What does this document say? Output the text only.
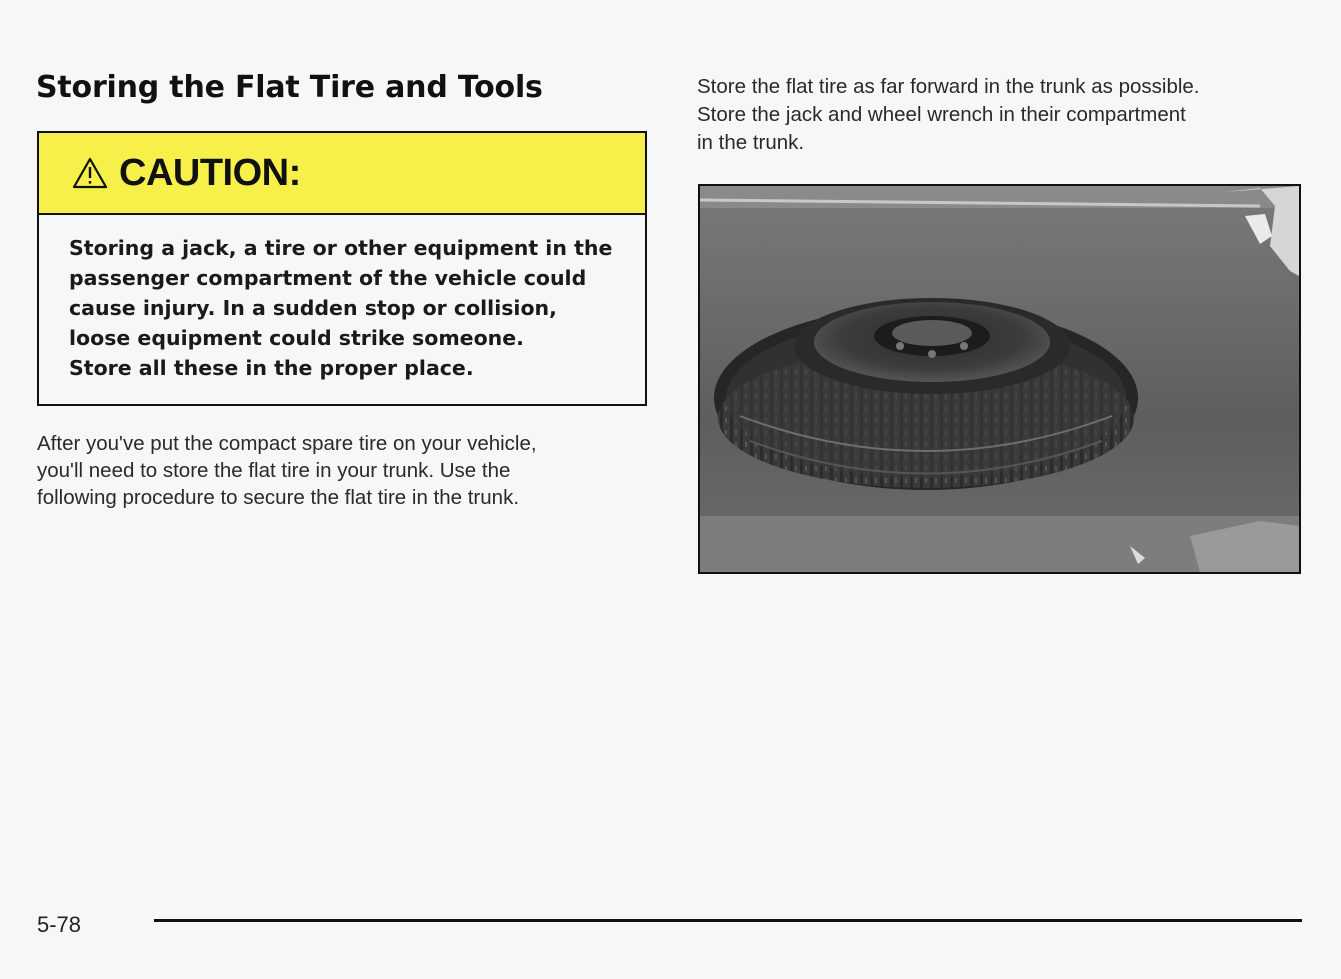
Storing the Flat Tire and Tools
CAUTION:
Storing a jack, a tire or other equipment in the
passenger compartment of the vehicle could
cause injury. In a sudden stop or collision,
loose equipment could strike someone.
Store all these in the proper place.
After you've put the compact spare tire on your vehicle,
you'll need to store the flat tire in your trunk. Use the
following procedure to secure the flat tire in the trunk.
Store the flat tire as far forward in the trunk as possible.
Store the jack and wheel wrench in their compartment
in the trunk.
5-78
